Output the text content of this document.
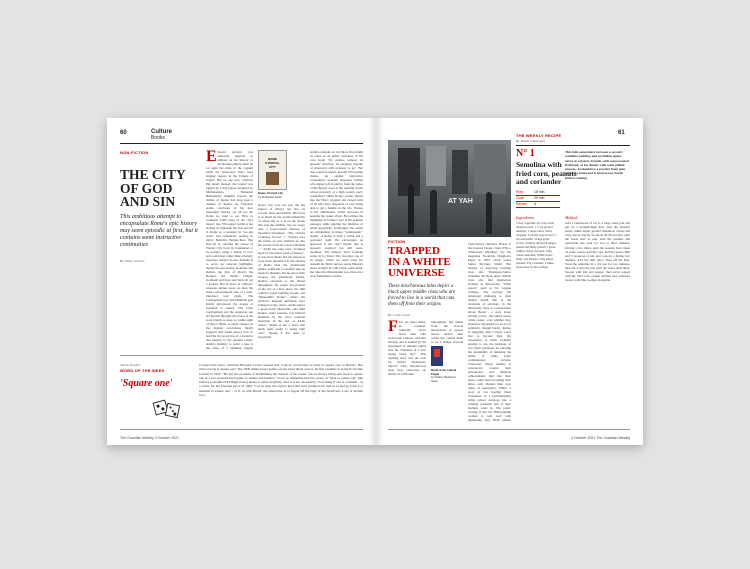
60	Culture
Books
NON-FICTION
THE CITY
OF GOD
AND SIN
This ambitious attempt to encapsulate Rome's epic history may seem episodic at first, but it contains some instructive continuities
By Emily Gowers
E dward Gibbon was famously inspired to embark on his history of the Roman empire when he sat amid the ruins of the Capitol while the barefooted friars were singing vespers in the Temple of Jupiter. But no one now confirms this detail. Instead, the Capitol was topped by a tidy piazza designed by Michelangelo, Nathaniel Bethlehem's daughter reports, the temple of Jupiter had long been a Temple of Jupiter. As Professor Addis concludes in his new panoramic history, we all see the Rome we want to see. How to condense 3,000 years of the city's history into 700 pages? Addis is not lacking in chutzpah. He first arrived in Rome as a teenager in "too-big jeans" and remembers quoting in italics Bernini's Baldacchino. But here he is, charting the course of Eternal City from its foundation to its present, using a labour of love and conviction rather than scholarly expertise. Addis's loosest formula is to serve up selected highlights, mostly the spectacular. Romulus and Remus, the Ides of March, the Borgias, the Sistine Chapel, Garibaldi and Liszt and Verdi all get a look-in. But in place of Gibbon's sonorous urbane prose we have the brisk conversational tone of a well-informed tour guide. The Carthaginian war with Hannibal gets briefly introduced; the plague of Justinian is rushed. The Little Carthaginian and the Augustan age are hurried through, the moral of his story plainly to keep us within sight of Nero's fiddle. A sturdy chapter on the Roman revolutions finally suggests that Addis knows how to hold his fire in service of a narrative that matters to the modern reader. Addis's inability to resist a joke is the cause of a rambling tangent
ROME
ETERNAL
CITY
Rome: Eternal City
by Ferdinand Addis
aleave rise over not just the big figures of history but also its crowds, mass and detritus. His focus is as much on the sordid underbelly of urban life as it is on the Rome that cuts the sublime. We are swept onto a food-scented delivery of intestinal metaphors. "The cisterns of history flowed ...", "history bore the fumes of tales bubbled up like the sewers from the Cloaca Maxima ..." Addis has long been "tromped upon by the moral scrub of history". It was never likely that the emperors were more interested in the citizens of Rome than the gladiatorial games. Addis has a colourful take on Seneca's musings, but he never fully escapes the guidebook format. Rome's elevation is the thread throughout: the pagan descriptions of the city as a holy place, the 16th century's papal building booms, and "Mussolini's Rome", where the dictator's imperial ambitions were stamped on the streets. Addis enjoys a good irony: Mussolini, who built Rome's wider avenues, was himself humbled by the city's resistant labyrinth. In the end, as Addis writes, "Rome is not a place that lends itself easily to being built over", though it has done so repeatedly.
Addis's remarks on Liz Inlaw Wex might be taken as an unfair caricature of his own book: "It's endless cameos, its episodic structure, its sparking pageant of characters with nowhere to go". But that would be unfair. Around 700 reading frames up against instructive continuities: sexually rapacious women who slipped off in public, from the ladies of the Borgia court to the aspiring starlet whose notoriety at a high society party scandalised 1960s Rome; bodies hurled into the Tiber; crippled and violent cults of all who have despaired of ever being able to get a handle on the city. Thanks to his enthusiasm, Addis succeeds in keeping his reader afloat. He relishes the highlights of former's past in his populist passages while guiding the fidelities of urban geography. Sometimes, the asides are stimulating; at times, "palimpsestic" quality of Rome is both a cliché and a profound truth. He encourages an approach to the city's mythic that is properly sceptical but still open-mouthed. The famous Trevi fountain scene in La Dolce Vita becomes one of its magic, where we learn what lay beneath the film's surface. Anita Ekberg's shoot straight in with Fendi camp-fiend, but Marcello Mastroianni was allowed to wear fisherman's waders.
Steven Poole's
WORD OF THE WEEK
'Square one'
Conservative party chairman Brandon Lewis tweeted that "Labour would take us back to square one on Brexit". But what exactly is square one? The OED thinks board games are the most likely source. Its first example is in the Economic Journal in 1952: "He has the problem of maintaining the interest of the reader who is always being sent back to square one in a sort of intellectual game of snakes and ladders." So let us remember that the owner of "back to square one" (the Oxford economist EM Hugh-Jones) meant it rather playfully. And it is not necessarily a bad thing if one is confused - as a writer for the Listener put it in 1965: "Let us drop the logical knot that twin studies have tied us in and go back to a moment to square one" - or if, as with Brexit, the alternative is to topple off the edge of the board into a sea of molten lava.
The Guardian Weekly 3 October 2021
AT YAH
FICTION
TRAPPED
IN A WHITE
UNIVERSE
These mischievous tales depict a black upper middle class who are forced to live in a world that cuts them off from their origins
By Colin Grant
F irst we meet Riley, an eventual, culturally savvy black man who wears blue contacts, bleaches his hair, and is studied by the enjoyment of summer nights near the "mistakes of a self-hating black boy". This opening story sets the tone for Rafael Thompson-Spires's witty, mischievous short story collection, set mostly in California.
Heads of the Colored People
by Nafissa Thompson-Spires
Throughout, she drains from the flawed interactions of people whose shared skin colour has caused them to be a bridge towards
19th-century churches: Heads of the Colored People, from Wills a Whitewash (Bradley) for the magazine Frederick Douglass's Paper in 1853, black writer James McCune Smith. But instead of depicting working class life, Thompson-Spires examines the black upper middle class who find themselves isolated in historically "white spaces" such as Ivy League colleges. She portrays the emotional challenge to their mental health that is the downside of privilege. In the hilariously meta A Conversation About Bread - a story about writing a story - the author teases white reader, over whether they should be applauded for an act of solidarity, though hardly daring, in engaging with a black world that is beyond their life experience. A white woman's attempt to use the language of two black graduates for entering the desirability of imitating the habits of white folk's commonplace accents. Characters whose identity is constructed around their educational and financial achievements find that their peers, rather than becoming their allies, only sharpen their own sense of superiority. While, a story of two feuding black classmates in a predominantly white school develops into a cunning academic spat as their mothers wade in. The point-scoring of the two PhD-foaming women is told well with thundering fury. Both remain
61
THE WEEKLY RECIPE
By Yotam Ottolenghi
N° 1
Semolina with
fried corn, peanuts
and coriander
Prep	15 min
Cook	20 min
Serves 4
This falls somewhere between a savoury semolina pudding and an Indian upma. Serve as a hearty brunch, with some toasted flatbread, or for dinner with some grilled prawns. Asafoetida is a powder from gum resin of a plant and is used across South Indian cooking.
Ingredients
5 tbsp vegetable oil; 2 tsp black mustard seeds; 1 ½ tsp ground turmeric; 1 large onion, finely chopped; 12 fresh curry leaves; ½ tsp asafoetida; 3 large garlic cloves, crushed; 40g fresh ginger, peeled and finely grated; 2 green chillies, finely chopped; 120g coarse semolina; 700ml water; 500g corn kernels; 150g salted peanuts; 25g coriander; 2 limes, zested and cut into wedges
Method
Add a tablespoon of oil to a large sauté pan and put on a medium-high heat. Add the mustard seeds, cumin seeds, ground cinnamon, cloves and curry leaves and fry for about 30-60 seconds, until the seeds start to pop. Add the peanuts and asafoetida and cook for two to three minutes, stirring a few times, until the peanuts have taken on some colour. Add the corn, half the green chilli and ½ teaspoon of salt, and cook for a further two minutes. Add the lime juice. Turn off the heat. Toast the semolina in a dry pan for two minutes, then stir it into the pan with the water until thick. Season with salt and pepper, then serve topped with the fried corn, peanut mixture and coriander leaves, with lime wedges alongside.
3 October 2021 The Guardian Weekly
